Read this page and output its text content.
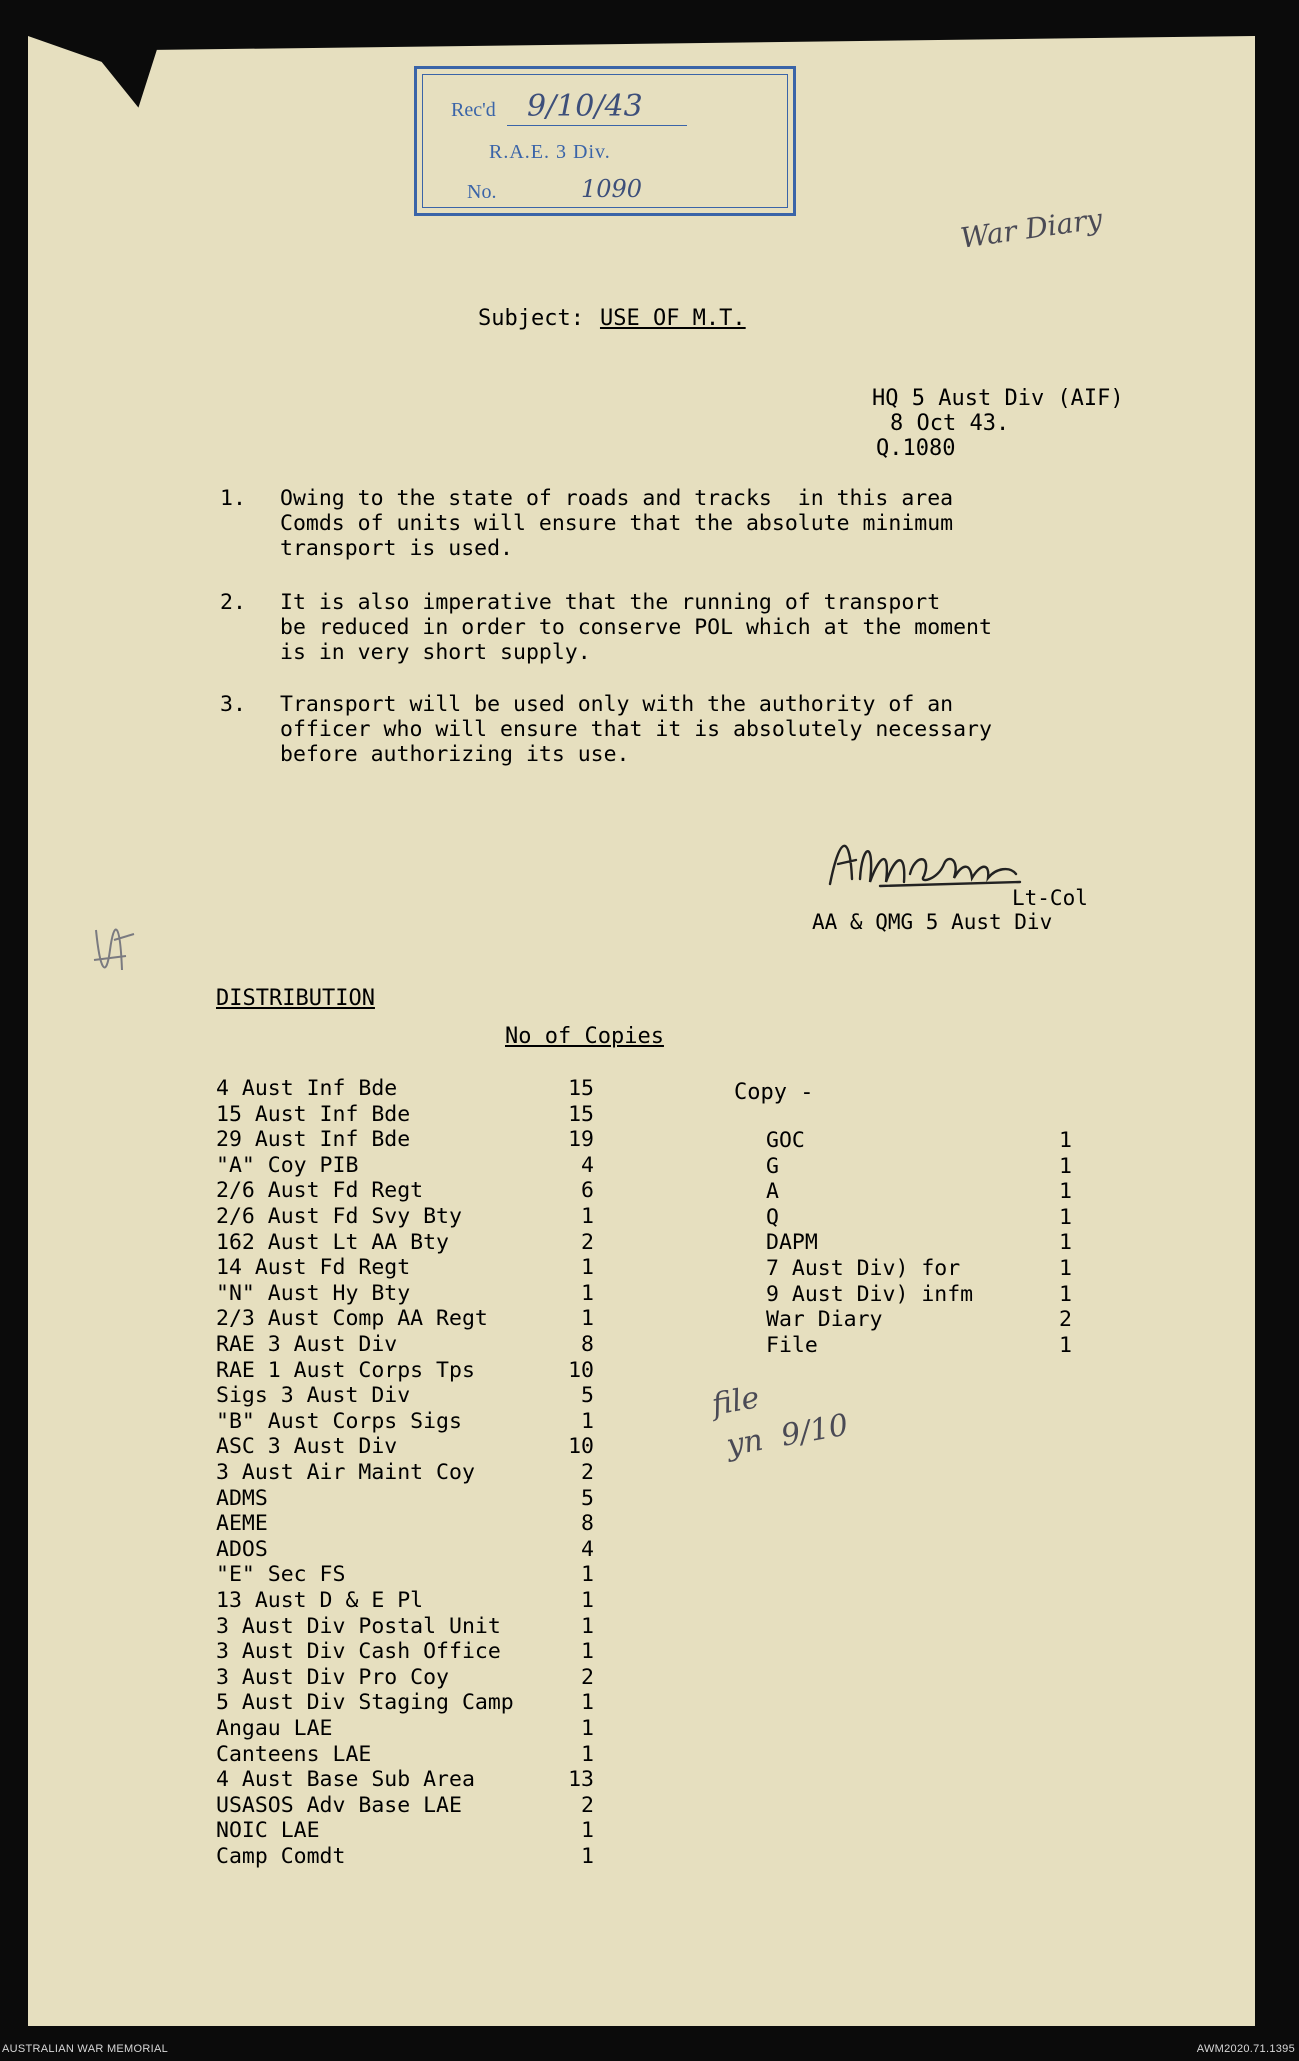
Rec'd 9/10/43
R.A.E. 3 Div.
No.	1090
War Diary
Subject: USE OF M.T.
HQ 5 Aust Div (AIF)
8 Oct 43.
Q.1080
1. Owing to the state of roads and tracks  in this area
Comds of units will ensure that the absolute minimum
transport is used.
2. It is also imperative that the running of transport
be reduced in order to conserve POL which at the moment
is in very short supply.
3. Transport will be used only with the authority of an
officer who will ensure that it is absolutely necessary
before authorizing its use.
Lt-Col
AA & QMG 5 Aust Div
DISTRIBUTION
No of Copies
4 Aust Inf Bde	15
15 Aust Inf Bde	15
29 Aust Inf Bde	19
"A" Coy PIB	4
2/6 Aust Fd Regt	6
2/6 Aust Fd Svy Bty	1
162 Aust Lt AA Bty	2
14 Aust Fd Regt	1
"N" Aust Hy Bty	1
2/3 Aust Comp AA Regt	1
RAE 3 Aust Div	8
RAE 1 Aust Corps Tps	10
Sigs 3 Aust Div	5
"B" Aust Corps Sigs	1
ASC 3 Aust Div	10
3 Aust Air Maint Coy	2
ADMS	5
AEME	8
ADOS	4
"E" Sec FS	1
13 Aust D & E Pl	1
3 Aust Div Postal Unit	1
3 Aust Div Cash Office	1
3 Aust Div Pro Coy	2
5 Aust Div Staging Camp	1
Angau LAE	1
Canteens LAE	1
4 Aust Base Sub Area	13
USASOS Adv Base LAE	2
NOIC LAE	1
Camp Comdt	1
Copy -
GOC	1
G	1
A	1
Q	1
DAPM	1
7 Aust Div) for	1
9 Aust Div) infm	1
War Diary	2
File	1
file
yn  9/10
AUSTRALIAN WAR MEMORIAL	AWM2020.71.1395
